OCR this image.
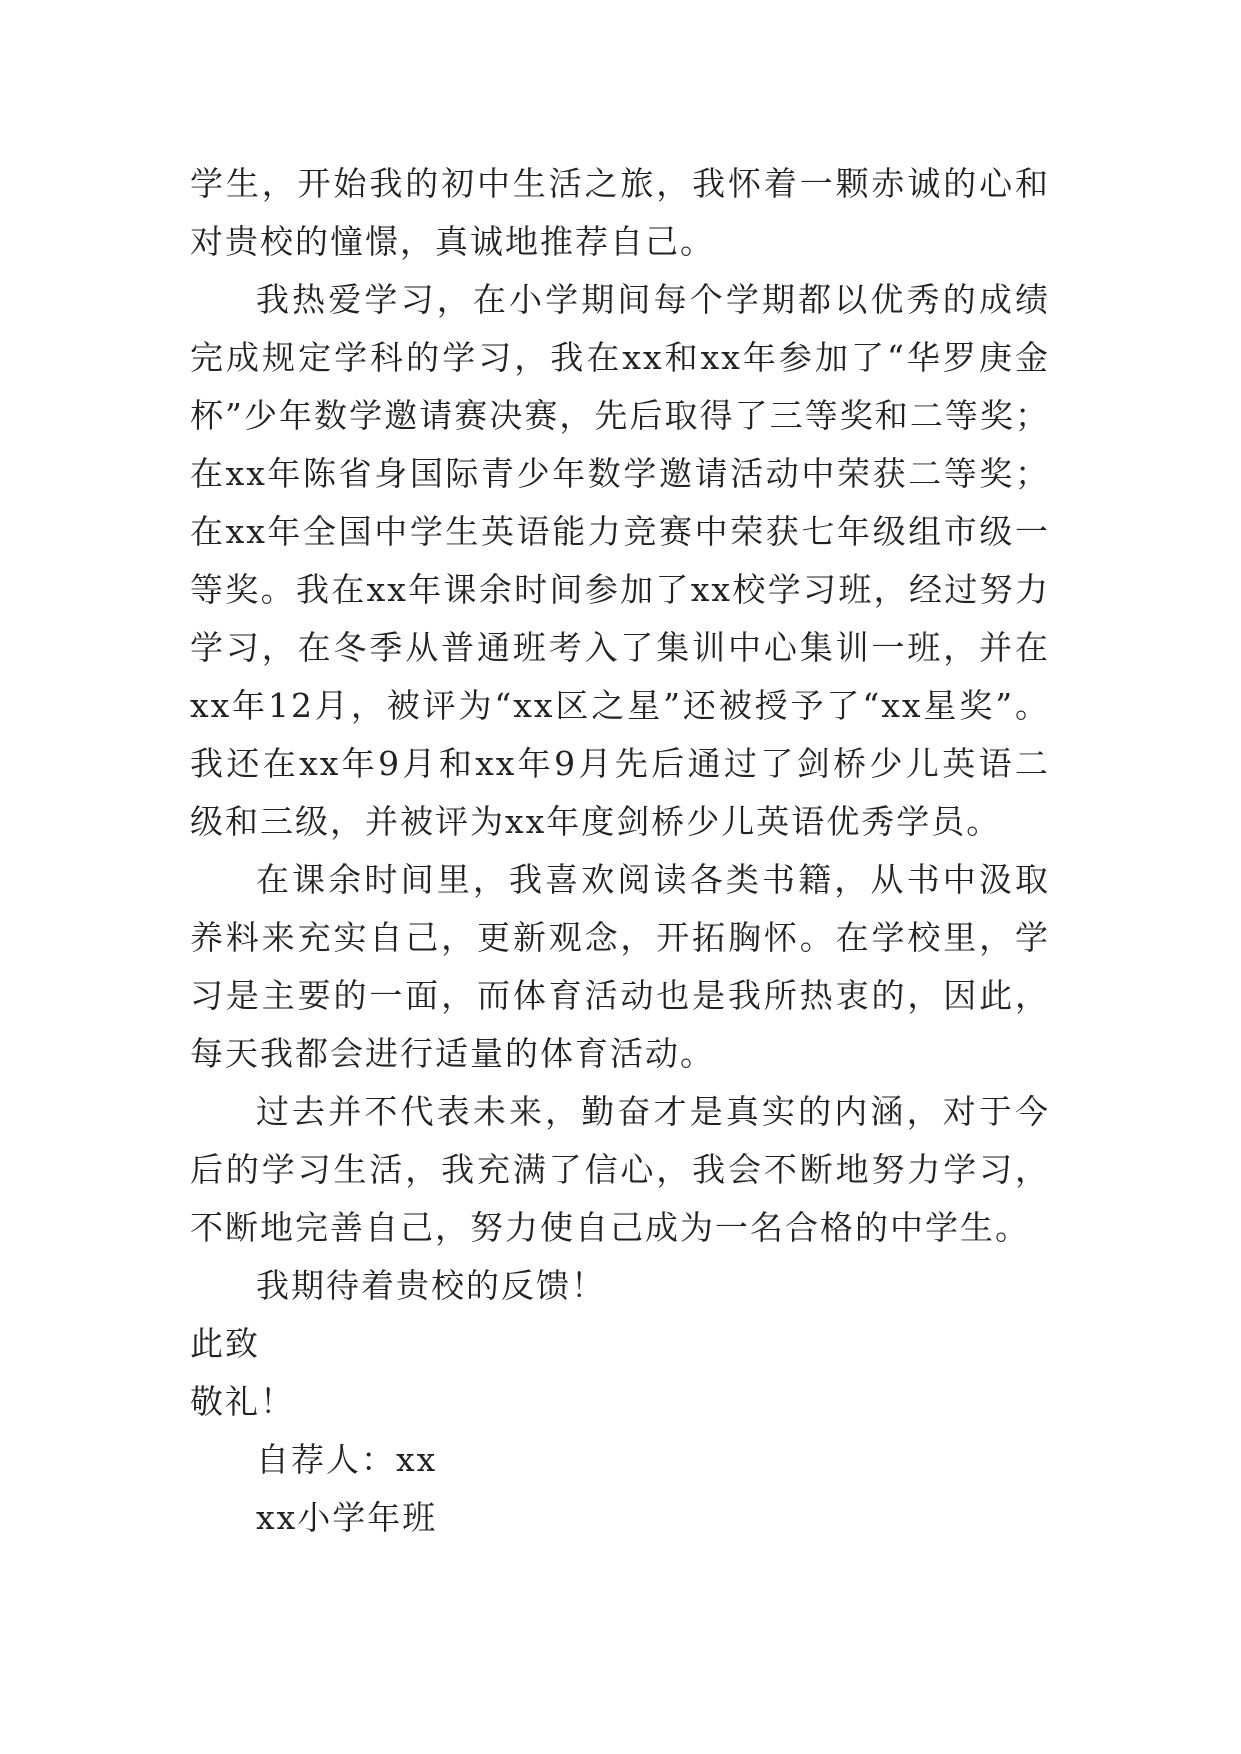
学生，开始我的初中生活之旅，我怀着一颗赤诚的心和对贵校的憧憬，真诚地推荐自己。

我热爱学习，在小学期间每个学期都以优秀的成绩完成规定学科的学习，我在xx和xx年参加了“华罗庚金杯”少年数学邀请赛决赛，先后取得了三等奖和二等奖；在xx年陈省身国际青少年数学邀请活动中荣获二等奖；在xx年全国中学生英语能力竞赛中荣获七年级组市级一等奖。我在xx年课余时间参加了xx校学习班，经过努力学习，在冬季从普通班考入了集训中心集训一班，并在xx年12月，被评为“xx区之星”还被授予了“xx星奖”。我还在xx年9月和xx年9月先后通过了剑桥少儿英语二级和三级，并被评为xx年度剑桥少儿英语优秀学员。

在课余时间里，我喜欢阅读各类书籍，从书中汲取养料来充实自己，更新观念，开拓胸怀。在学校里，学习是主要的一面，而体育活动也是我所热衷的，因此，每天我都会进行适量的体育活动。

过去并不代表未来，勤奋才是真实的内涵，对于今后的学习生活，我充满了信心，我会不断地努力学习，不断地完善自己，努力使自己成为一名合格的中学生。

我期待着贵校的反馈！

此致

敬礼！

自荐人：xx

xx小学年班
